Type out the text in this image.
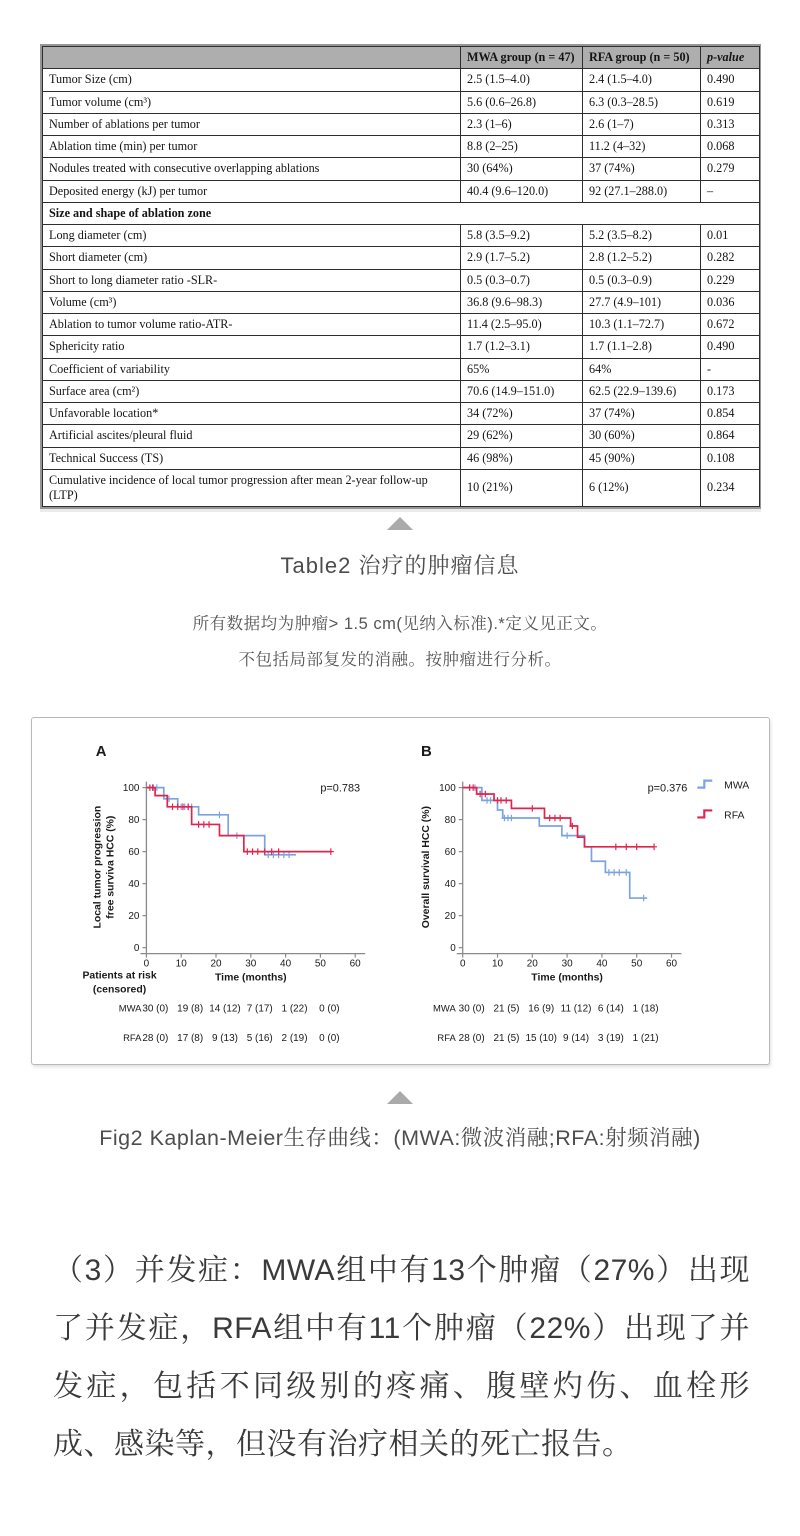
	MWA group (n = 47)	RFA group (n = 50)	p-value
Tumor Size (cm)	2.5 (1.5–4.0)	2.4 (1.5–4.0)	0.490
Tumor volume (cm³)	5.6 (0.6–26.8)	6.3 (0.3–28.5)	0.619
Number of ablations per tumor	2.3 (1–6)	2.6 (1–7)	0.313
Ablation time (min) per tumor	8.8 (2–25)	11.2 (4–32)	0.068
Nodules treated with consecutive overlapping ablations	30 (64%)	37 (74%)	0.279
Deposited energy (kJ) per tumor	40.4 (9.6–120.0)	92 (27.1–288.0)	–
Size and shape of ablation zone			
Long diameter (cm)	5.8 (3.5–9.2)	5.2 (3.5–8.2)	0.01
Short diameter (cm)	2.9 (1.7–5.2)	2.8 (1.2–5.2)	0.282
Short to long diameter ratio -SLR-	0.5 (0.3–0.7)	0.5 (0.3–0.9)	0.229
Volume (cm³)	36.8 (9.6–98.3)	27.7 (4.9–101)	0.036
Ablation to tumor volume ratio-ATR-	11.4 (2.5–95.0)	10.3 (1.1–72.7)	0.672
Sphericity ratio	1.7 (1.2–3.1)	1.7 (1.1–2.8)	0.490
Coefficient of variability	65%	64%	-
Surface area (cm²)	70.6 (14.9–151.0)	62.5 (22.9–139.6)	0.173
Unfavorable location*	34 (72%)	37 (74%)	0.854
Artificial ascites/pleural fluid	29 (62%)	30 (60%)	0.864
Technical Success (TS)	46 (98%)	45 (90%)	0.108
Cumulative incidence of local tumor progression after mean 2-year follow-up (LTP)	10 (21%)	6 (12%)	0.234
Table2 治疗的肿瘤信息
所有数据均为肿瘤> 1.5 cm(见纳入标准).*定义见正文。
不包括局部复发的消融。按肿瘤进行分析。
0
20
40
60
80
100
0	10 20 30 40 50 60
Time (months)
Local tumor progression free surviva HCC (%)
A
p=0.783
Patients at risk
(censored)
MWA 30 (0) 19 (8) 14 (12) 7 (17) 1 (22) 0 (0)
RFA 28 (0) 17 (8) 9 (13) 5 (16) 2 (19) 0 (0)
0
20
40
60
80
100
0	10 20 30 40 50 60
Time (months)
Overall survival HCC (%)
B
p=0.376	MWA
RFA
MWA 30 (0) 21 (5) 16 (9) 11 (12) 6 (14) 1 (18)
RFA 28 (0) 21 (5) 15 (10) 9 (14) 3 (19) 1 (21)
Fig2 Kaplan-Meier生存曲线：(MWA:微波消融;RFA:射频消融)

（3）并发症：MWA组中有13个肿瘤（27%）出现了并发症，RFA组中有11个肿瘤（22%）出现了并发症，包括不同级别的疼痛、腹壁灼伤、血栓形成、感染等，但没有治疗相关的死亡报告。
